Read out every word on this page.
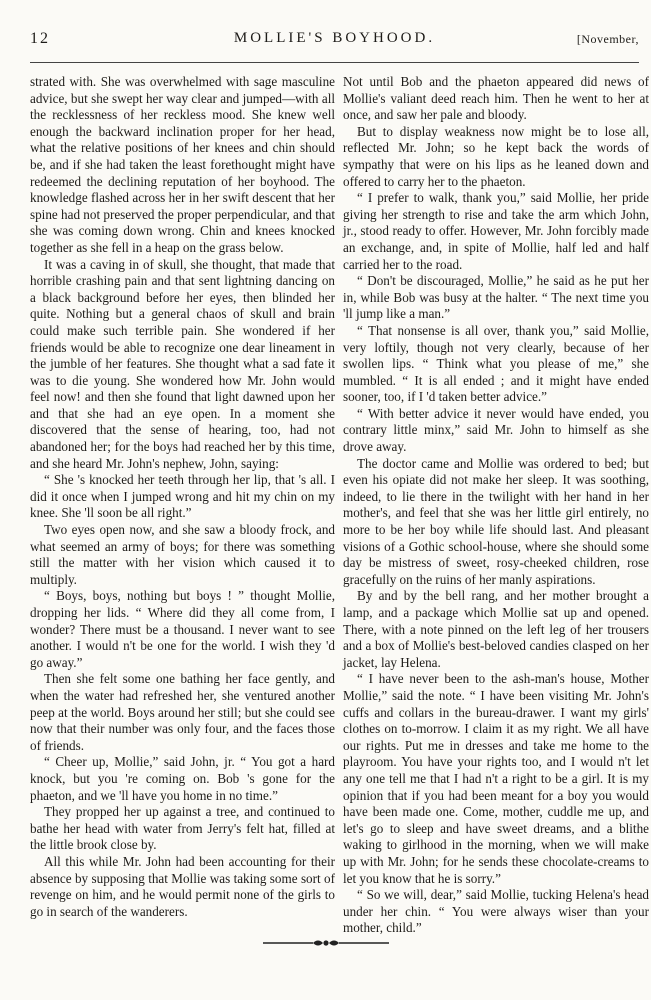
12	MOLLIE'S BOYHOOD.	[November,

strated with. She was overwhelmed with sage masculine advice, but she swept her way clear and jumped—with all the recklessness of her reckless mood. She knew well enough the backward inclination proper for her head, what the relative positions of her knees and chin should be, and if she had taken the least forethought might have redeemed the declining reputation of her boyhood. The knowledge flashed across her in her swift descent that her spine had not preserved the proper perpendicular, and that she was coming down wrong. Chin and knees knocked together as she fell in a heap on the grass below.

It was a caving in of skull, she thought, that made that horrible crashing pain and that sent lightning dancing on a black background before her eyes, then blinded her quite. Nothing but a general chaos of skull and brain could make such terrible pain. She wondered if her friends would be able to recognize one dear lineament in the jumble of her features. She thought what a sad fate it was to die young. She wondered how Mr. John would feel now! and then she found that light dawned upon her and that she had an eye open. In a moment she discovered that the sense of hearing, too, had not abandoned her; for the boys had reached her by this time, and she heard Mr. John's nephew, John, saying:

“ She 's knocked her teeth through her lip, that 's all. I did it once when I jumped wrong and hit my chin on my knee. She 'll soon be all right.”

Two eyes open now, and she saw a bloody frock, and what seemed an army of boys; for there was something still the matter with her vision which caused it to multiply.

“ Boys, boys, nothing but boys ! ” thought Mollie, dropping her lids. “ Where did they all come from, I wonder? There must be a thousand. I never want to see another. I would n't be one for the world. I wish they 'd go away.”

Then she felt some one bathing her face gently, and when the water had refreshed her, she ventured another peep at the world. Boys around her still; but she could see now that their number was only four, and the faces those of friends.

“ Cheer up, Mollie,” said John, jr. “ You got a hard knock, but you 're coming on. Bob 's gone for the phaeton, and we 'll have you home in no time.”

They propped her up against a tree, and continued to bathe her head with water from Jerry's felt hat, filled at the little brook close by.

All this while Mr. John had been accounting for their absence by supposing that Mollie was taking some sort of revenge on him, and he would permit none of the girls to go in search of the wanderers.

Not until Bob and the phaeton appeared did news of Mollie's valiant deed reach him. Then he went to her at once, and saw her pale and bloody.

But to display weakness now might be to lose all, reflected Mr. John; so he kept back the words of sympathy that were on his lips as he leaned down and offered to carry her to the phaeton.

“ I prefer to walk, thank you,” said Mollie, her pride giving her strength to rise and take the arm which John, jr., stood ready to offer. However, Mr. John forcibly made an exchange, and, in spite of Mollie, half led and half carried her to the road.

“ Don't be discouraged, Mollie,” he said as he put her in, while Bob was busy at the halter. “ The next time you 'll jump like a man.”

“ That nonsense is all over, thank you,” said Mollie, very loftily, though not very clearly, because of her swollen lips. “ Think what you please of me,” she mumbled. “ It is all ended ; and it might have ended sooner, too, if I 'd taken better advice.”

“ With better advice it never would have ended, you contrary little minx,” said Mr. John to himself as she drove away.

The doctor came and Mollie was ordered to bed; but even his opiate did not make her sleep. It was soothing, indeed, to lie there in the twilight with her hand in her mother's, and feel that she was her little girl entirely, no more to be her boy while life should last. And pleasant visions of a Gothic school-house, where she should some day be mistress of sweet, rosy-cheeked children, rose gracefully on the ruins of her manly aspirations.

By and by the bell rang, and her mother brought a lamp, and a package which Mollie sat up and opened. There, with a note pinned on the left leg of her trousers and a box of Mollie's best-beloved candies clasped on her jacket, lay Helena.

“ I have never been to the ash-man's house, Mother Mollie,” said the note. “ I have been visiting Mr. John's cuffs and collars in the bureau-drawer. I want my girls' clothes on to-morrow. I claim it as my right. We all have our rights. Put me in dresses and take me home to the playroom. You have your rights too, and I would n't let any one tell me that I had n't a right to be a girl. It is my opinion that if you had been meant for a boy you would have been made one. Come, mother, cuddle me up, and let's go to sleep and have sweet dreams, and a blithe waking to girlhood in the morning, when we will make up with Mr. John; for he sends these chocolate-creams to let you know that he is sorry.”

“ So we will, dear,” said Mollie, tucking Helena's head under her chin. “ You were always wiser than your mother, child.”
